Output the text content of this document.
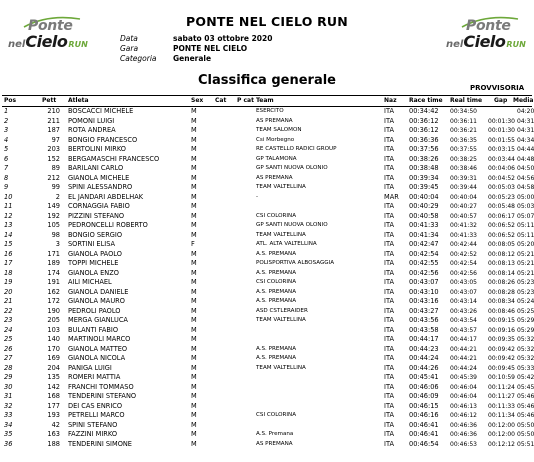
Ponte
nelCieloRUN
Ponte
nelCieloRUN
PONTE NEL CIELO RUN
Data	sabato 03 ottobre 2020
Gara	PONTE NEL CIELO
Categoria	Generale
Classifica generale	PROVVISORIA
Pos	Pett Atleta	Sex Cat P cat Team	Naz Race time Real time Gap Media
1	210 BOSCACCI MICHELE	M	ESERCITO	ITA 00:34:42 00:34:50	04:20
2	211 POMONI LUIGI	M	AS PREMANA	ITA 00:36:12 00:36:11 00:01:30 04:31
3	187 ROTA ANDREA	M	TEAM SALOMON	ITA 00:36:12 00:36:21 00:01:30 04:31
4	97 BONGIO FRANCESCO	M	Csi Morbegno	ITA 00:36:36 00:36:35 00:01:55 04:34
5	203 BERTOLINI MIRKO	M	RE CASTELLO RADICI GROUP	ITA 00:37:56 00:37:55 00:03:15 04:44
6	152 BERGAMASCHI FRANCESCO	M	GP TALAMONA	ITA 00:38:26 00:38:25 00:03:44 04:48
7	89 BARILANI CARLO	M	GP SANTI NUOVA OLONIO	ITA 00:38:48 00:38:46 00:04:06 04:50
8	212 GIANOLA MICHELE	M	AS PREMANA	ITA 00:39:34 00:39:31 00:04:52 04:56
9	99 SPINI ALESSANDRO	M	TEAM VALTELLINA	ITA 00:39:45 00:39:44 00:05:03 04:58
10	2 EL JANDARI ABDELHAK	M	-	MAR 00:40:04 00:40:04 00:05:23 05:00
11	149 CORNAGGIA FABIO	M	ITA 00:40:29 00:40:27 00:05:48 05:03
12	192 PIZZINI STEFANO	M	CSI COLORINA	ITA 00:40:58 00:40:57 00:06:17 05:07
13	105 PEDRONCELLI ROBERTO	M	GP SANTI NUOVA OLONIO	ITA 00:41:33 00:41:32 00:06:52 05:11
14	98 BONGIO SERGIO	M	TEAM VALTELLINA	ITA 00:41:34 00:41:33 00:06:52 05:11
15	3 SORTINI ELISA	F	ATL. ALTA VALTELLINA	ITA 00:42:47 00:42:44 00:08:05 05:20
16	171 GIANOLA PAOLO	M	A.S. PREMANA	ITA 00:42:54 00:42:52 00:08:12 05:21
17	189 TOPPI MICHELE	M	POLISPORTIVA ALBOSAGGIA	ITA 00:42:55 00:42:54 00:08:13 05:21
18	174 GIANOLA ENZO	M	A.S. PREMANA	ITA 00:42:56 00:42:56 00:08:14 05:21
19	191 AILI MICHAEL	M	CSI COLORINA	ITA 00:43:07 00:43:05 00:08:26 05:23
20	162 GIANOLA DANIELE	M	A.S. PREMANA	ITA 00:43:10 00:43:07 00:08:28 05:23
21	172 GIANOLA MAURO	M	A.S. PREMANA	ITA 00:43:16 00:43:14 00:08:34 05:24
22	190 PEDROLI PAOLO	M	ASD CSTLERAIDER	ITA 00:43:27 00:43:26 00:08:46 05:25
23	205 MERGA GIANLUCA	M	TEAM VALTELLINA	ITA 00:43:56 00:43:54 00:09:15 05:29
24	103 BULANTI FABIO	M	ITA 00:43:58 00:43:57 00:09:16 05:29
25	140 MARTINOLI MARCO	M	ITA 00:44:17 00:44:17 00:09:35 05:32
26	170 GIANOLA MATTEO	M	A.S. PREMANA	ITA 00:44:23 00:44:21 00:09:42 05:32
27	169 GIANOLA NICOLA	M	A.S. PREMANA	ITA 00:44:24 00:44:21 00:09:42 05:32
28	204 PANIGA LUIGI	M	TEAM VALTELLINA	ITA 00:44:26 00:44:24 00:09:45 05:33
29	135 ROMERI MATTIA	M	ITA 00:45:41 00:45:39 00:10:59 05:42
30	142 FRANCHI TOMMASO	M	ITA 00:46:06 00:46:04 00:11:24 05:45
31	168 TENDERINI STEFANO	M	ITA 00:46:09 00:46:04 00:11:27 05:46
32	177 DEI CAS ENRICO	M	ITA 00:46:15 00:46:13 00:11:33 05:46
33	193 PETRELLI MARCO	M	CSI COLORINA	ITA 00:46:16 00:46:12 00:11:34 05:46
34	42 SPINI STEFANO	M	ITA 00:46:41 00:46:36 00:12:00 05:50
35	163 FAZZINI MIRKO	M	A.S. Premana	ITA 00:46:41 00:46:36 00:12:00 05:50
36	188 TENDERINI SIMONE	M	AS PREMANA	ITA 00:46:54 00:46:53 00:12:12 05:51
